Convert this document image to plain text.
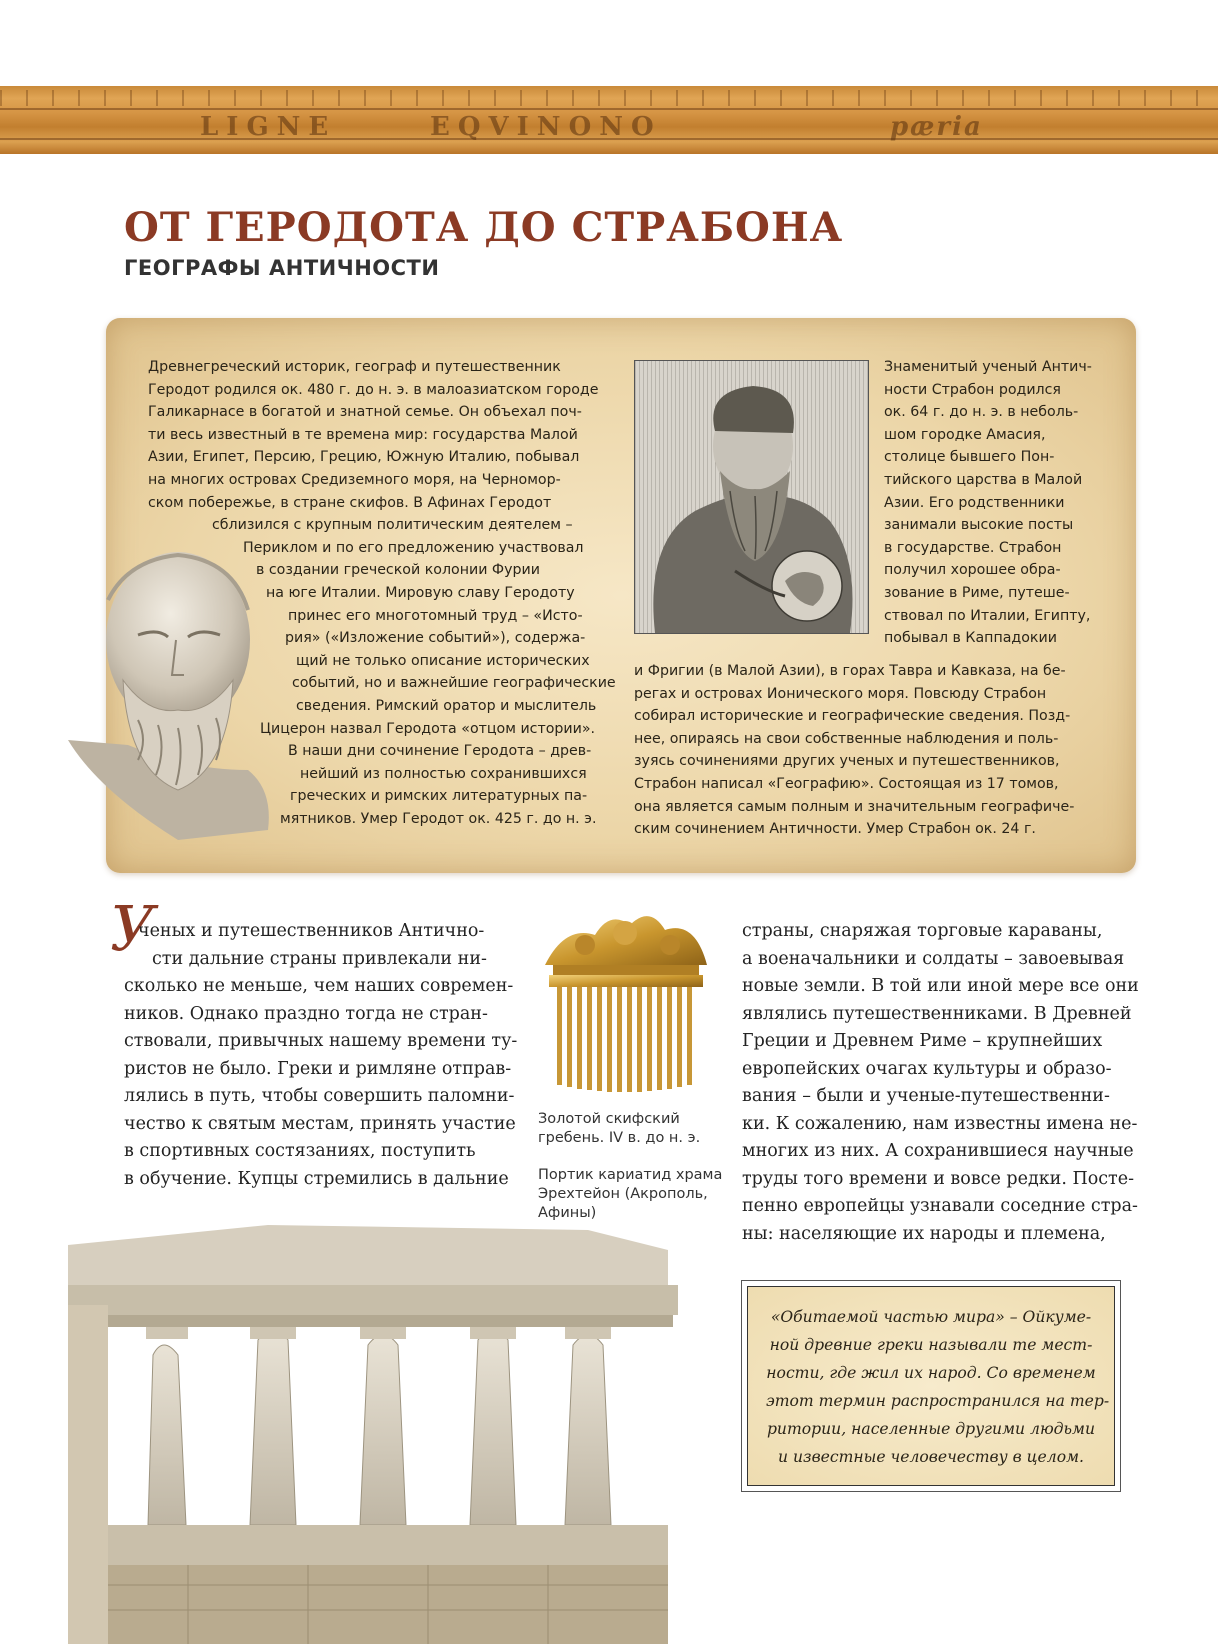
LIGNE	EQVINONO	pæria
ОТ ГЕРОДОТА ДО СТРАБОНА
ГЕОГРАФЫ АНТИЧНОСТИ
Древнегреческий историк, географ и путешественник
Геродот родился ок. 480 г. до н. э. в малоазиатском городе
Галикарнасе в богатой и знатной семье. Он объехал поч-
ти весь известный в те времена мир: государства Малой
Азии, Египет, Персию, Грецию, Южную Италию, побывал
на многих островах Средиземного моря, на Черномор-
ском побережье, в стране скифов. В Афинах Геродот
сблизился с крупным политическим деятелем –
Периклом и по его предложению участвовал
в создании греческой колонии Фурии
на юге Италии. Мировую славу Геродоту
принес его многотомный труд – «Исто-
рия» («Изложение событий»), содержа-
щий не только описание исторических
событий, но и важнейшие географические
сведения. Римский оратор и мыслитель
Цицерон назвал Геродота «отцом истории».
В наши дни сочинение Геродота – древ-
нейший из полностью сохранившихся
греческих и римских литературных па-
мятников. Умер Геродот ок. 425 г. до н. э.
Знаменитый ученый Антич-
ности Страбон родился
ок. 64 г. до н. э. в неболь-
шом городке Амасия,
столице бывшего Пон-
тийского царства в Малой
Азии. Его родственники
занимали высокие посты
в государстве. Страбон
получил хорошее обра-
зование в Риме, путеше-
ствовал по Италии, Египту,
побывал в Каппадокии
и Фригии (в Малой Азии), в горах Тавра и Кавказа, на бе-
регах и островах Ионического моря. Повсюду Страбон
собирал исторические и географические сведения. Позд-
нее, опираясь на свои собственные наблюдения и поль-
зуясь сочинениями других ученых и путешественников,
Страбон написал «Географию». Состоящая из 17 томов,
она является самым полным и значительным географиче-
ским сочинением Античности. Умер Страбон ок. 24 г.
У
ченых и путешественников Антично-
сти дальние страны привлекали ни-
сколько не меньше, чем наших современ-
ников. Однако праздно тогда не стран-
ствовали, привычных нашему времени ту-
ристов не было. Греки и римляне отправ-
лялись в путь, чтобы совершить паломни-
чество к святым местам, принять участие
в спортивных состязаниях, поступить
в обучение. Купцы стремились в дальние
Золотой скифский
гребень. IV в. до н. э.
Портик кариатид храма
Эрехтейон (Акрополь,
Афины)
страны, снаряжая торговые караваны,
а военачальники и солдаты – завоевывая
новые земли. В той или иной мере все они
являлись путешественниками. В Древней
Греции и Древнем Риме – крупнейших
европейских очагах культуры и образо-
вания – были и ученые-путешественни-
ки. К сожалению, нам известны имена не-
многих из них. А сохранившиеся научные
труды того времени и вовсе редки. Посте-
пенно европейцы узнавали соседние стра-
ны: населяющие их народы и племена,

«Обитаемой частью мира» – Ойкуме-
ной древние греки называли те мест-
ности, где жил их народ. Со временем
этот термин распространился на тер-
ритории, населенные другими людьми
и известные человечеству в целом.
